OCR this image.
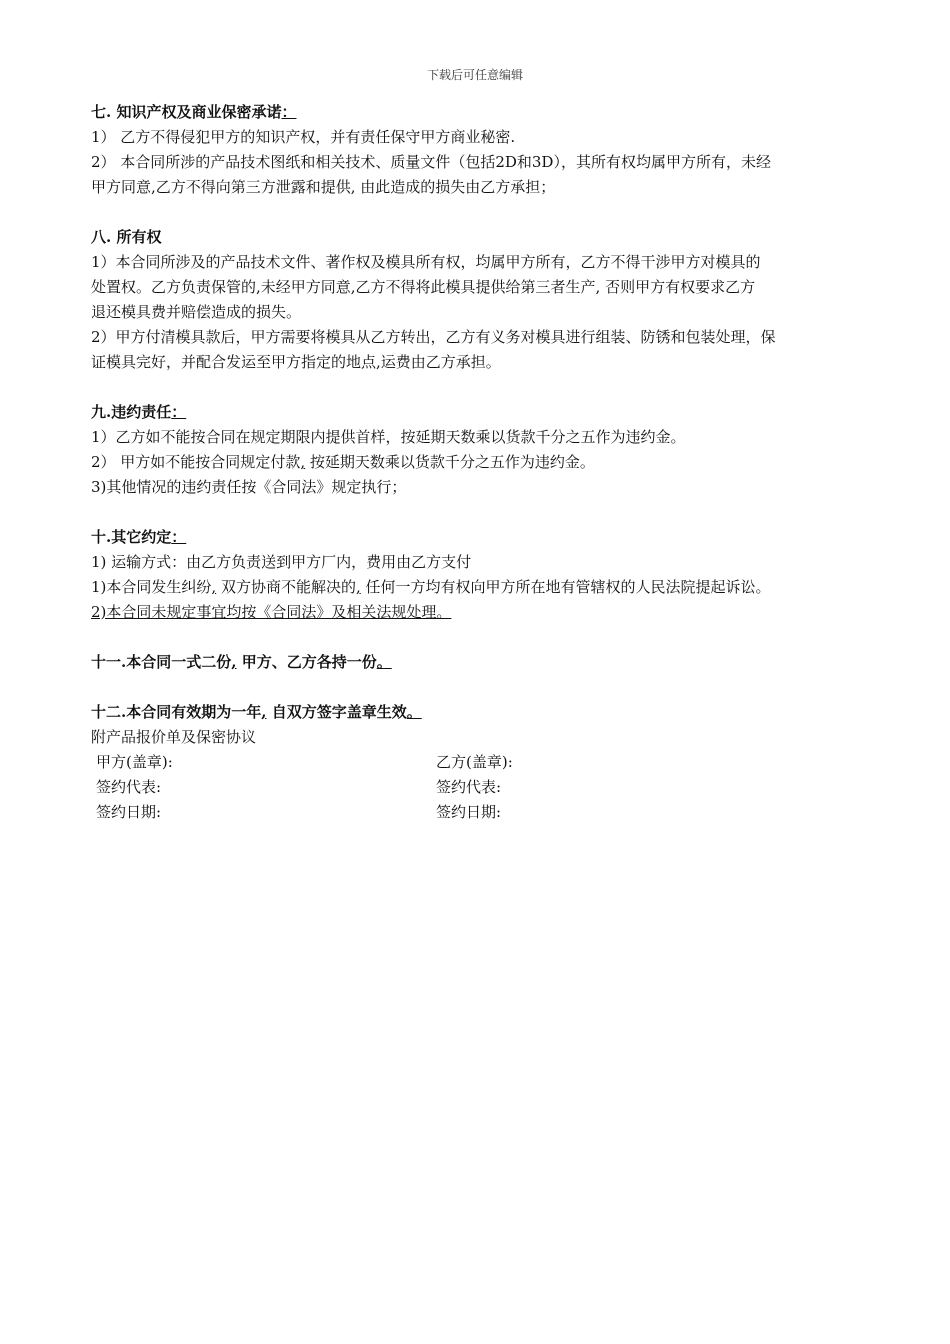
下载后可任意编辑

七. 知识产权及商业保密承诺：

1） 乙方不得侵犯甲方的知识产权，并有责任保守甲方商业秘密.

2） 本合同所涉的产品技术图纸和相关技术、质量文件（包括2D和3D），其所有权均属甲方所有，未经

甲方同意,乙方不得向第三方泄露和提供, 由此造成的损失由乙方承担；

八. 所有权

1）本合同所涉及的产品技术文件、著作权及模具所有权，均属甲方所有，乙方不得干涉甲方对模具的

处置权。乙方负责保管的,未经甲方同意,乙方不得将此模具提供给第三者生产, 否则甲方有权要求乙方

退还模具费并赔偿造成的损失。

2）甲方付清模具款后，甲方需要将模具从乙方转出，乙方有义务对模具进行组装、防锈和包装处理，保

证模具完好，并配合发运至甲方指定的地点,运费由乙方承担。

九.违约责任：

1）乙方如不能按合同在规定期限内提供首样，按延期天数乘以货款千分之五作为违约金。

2） 甲方如不能按合同规定付款, 按延期天数乘以货款千分之五作为违约金。

3)其他情况的违约责任按《合同法》规定执行；

十.其它约定：

1) 运输方式：由乙方负责送到甲方厂内，费用由乙方支付

1)本合同发生纠纷, 双方协商不能解决的, 任何一方均有权向甲方所在地有管辖权的人民法院提起诉讼。

2)本合同未规定事宜均按《合同法》及相关法规处理。

十一.本合同一式二份, 甲方、乙方各持一份。

十二.本合同有效期为一年, 自双方签字盖章生效。

附产品报价单及保密协议

甲方(盖章):	乙方(盖章):
签约代表:	签约代表:
签约日期:	签约日期:
